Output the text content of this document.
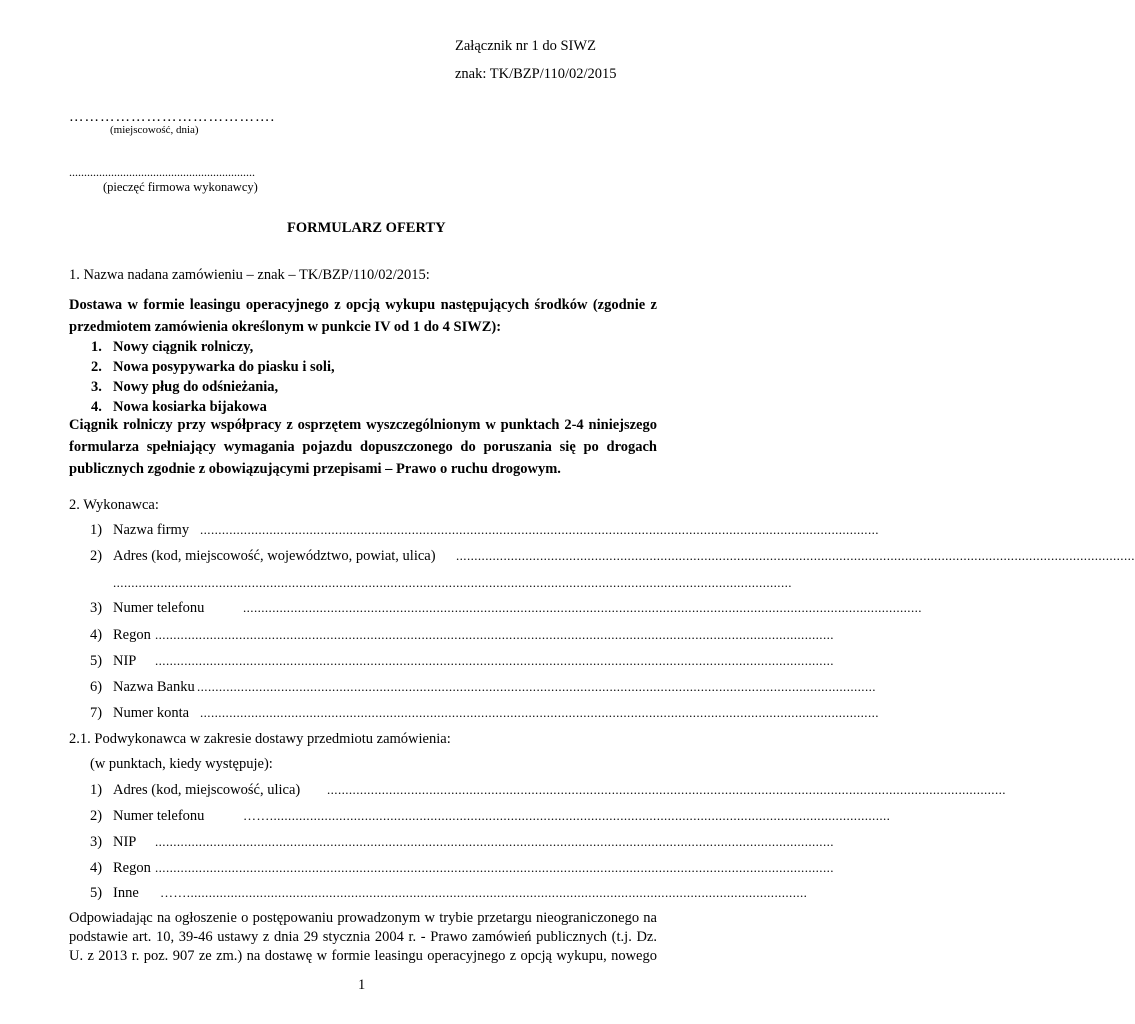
Załącznik nr 1 do SIWZ
znak: TK/BZP/110/02/2015
………………………………….
(miejscowość, dnia)
..............................................................
(pieczęć firmowa wykonawcy)
FORMULARZ OFERTY
1. Nazwa nadana zamówieniu – znak – TK/BZP/110/02/2015:
Dostawa w formie leasingu operacyjnego z opcją wykupu następujących środków (zgodnie z
przedmiotem zamówienia określonym w punkcie IV od 1 do 4 SIWZ):
1. Nowy ciągnik rolniczy,
2. Nowa posypywarka do piasku i soli,
3. Nowy pług do odśnieżania,
4. Nowa kosiarka bijakowa
Ciągnik rolniczy przy współpracy z osprzętem wyszczególnionym w punktach 2-4 niniejszego
formularza spełniający wymagania pojazdu dopuszczonego do poruszania się po drogach
publicznych zgodnie z obowiązującymi przepisami – Prawo o ruchu drogowym.
2. Wykonawca:
1) Nazwa firmy ..........................................................................................................................................................................................
2) Adres (kod, miejscowość, województwo, powiat, ulica) ..........................................................................................................................................................................................
..........................................................................................................................................................................................
3) Numer telefonu	..........................................................................................................................................................................................
4) Regon ..........................................................................................................................................................................................
5) NIP ..........................................................................................................................................................................................
6) Nazwa Banku ..........................................................................................................................................................................................
7) Numer konta ..........................................................................................................................................................................................
2.1. Podwykonawca w zakresie dostawy przedmiotu zamówienia:
(w punktach, kiedy występuje):
1) Adres (kod, miejscowość, ulica) ..........................................................................................................................................................................................
2) Numer telefonu	……..........................................................................................................................................................................
3) NIP ..........................................................................................................................................................................................
4) Regon ..........................................................................................................................................................................................
5) Inne ……..........................................................................................................................................................................
Odpowiadając na ogłoszenie o postępowaniu prowadzonym w trybie przetargu nieograniczonego na
podstawie art. 10, 39-46 ustawy z dnia 29 stycznia 2004 r. - Prawo zamówień publicznych (t.j. Dz.
U. z 2013 r. poz. 907 ze zm.) na dostawę w formie leasingu operacyjnego z opcją wykupu, nowego
1
